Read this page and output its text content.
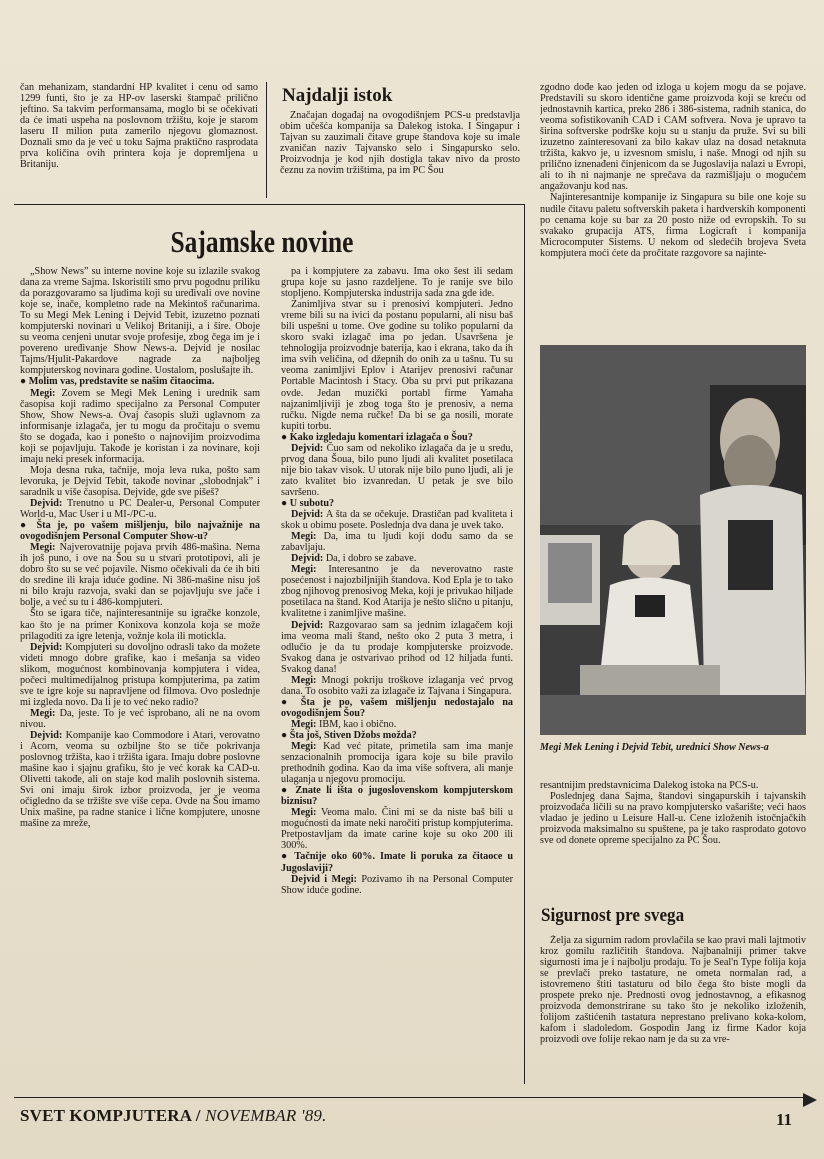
čan mehanizam, standardni HP kvalitet i cenu od samo 1299 funti, što je za HP-ov laserski štampač prilično jeftino. Sa takvim performansama, moglo bi se očekivati da će imati uspeha na poslovnom tržištu, koje je starom laseru II milion puta zamerilo njegovu glomaznost. Doznali smo da je već u toku Sajma praktično rasprodata prva količina ovih printera koja je dopremljena u Britaniju.

Najdalji istok

Značajan događaj na ovogodišnjem PCS-u predstavlja obim učešća kompanija sa Dalekog istoka. I Singapur i Tajvan su zauzimali čitave grupe štandova koje su imale zvaničan naziv Tajvansko selo i Singapursko selo. Proizvodnja je kod njih dostigla takav nivo da prosto čeznu za novim tržištima, pa im PC Šou

zgodno dođe kao jeden od izloga u kojem mogu da se pojave. Predstavili su skoro identične game proizvoda koji se kreću od jednostavnih kartica, preko 286 i 386-sistema, radnih stanica, do veoma sofistikovanih CAD i CAM softvera. Nova je upravo ta širina softverske podrške koju su u stanju da pruže. Svi su bili izuzetno zainteresovani za bilo kakav ulaz na dosad netaknuta tržišta, kakvo je, u izvesnom smislu, i naše. Mnogi od njih su prilično iznenađeni činjenicom da se Jugoslavija nalazi u Evropi, ali to ih ni najmanje ne sprečava da razmišljaju o mogućem angažovanju kod nas.

Najinteresantnije kompanije iz Singapura su bile one koje su nudile čitavu paletu softverskih paketa i hardverskih komponenti po cenama koje su bar za 20 posto niže od evropskih. To su svakako grupacija ATS, firma Logicraft i kompanija Microcomputer Sistems. U nekom od sledećih brojeva Sveta kompjutera moći ćete da pročitate razgovore sa najinte-

Sajamske novine

„Show News” su interne novine koje su izlazile svakog dana za vreme Sajma. Iskoristili smo prvu pogodnu priliku da porazgovaramo sa ljudima koji su uređivali ove novine koje se, inače, kompletno rade na Mekintoš računarima. To su Megi Mek Lening i Dejvid Tebit, izuzetno poznati kompjuterski novinari u Velikoj Britaniji, a i šire. Oboje su veoma cenjeni unutar svoje profesije, zbog čega im je i povereno uređivanje Show News-a. Dejvid je nosilac Tajms/Hjulit-Pakardove nagrade za najboljeg kompjuterskog novinara godine. Uostalom, poslušajte ih.

● Molim vas, predstavite se našim čitaocima.

Megi: Zovem se Megi Mek Lening i urednik sam časopisa koji radimo specijalno za Personal Computer Show, Show News-a. Ovaj časopis služi uglavnom za informisanje izlagača, jer tu mogu da pročitaju o svemu što se događa, kao i ponešto o najnovijim proizvodima koji se pojavljuju. Takođe je koristan i za novinare, koji imaju neki presek informacija.

Moja desna ruka, tačnije, moja leva ruka, pošto sam levoruka, je Dejvid Tebit, takođe novinar „slobodnjak” i saradnik u više časopisa. Dejvide, gde sve pišeš?

Dejvid: Trenutno u PC Dealer-u, Personal Computer World-u, Mac User i u MI-/PC-u.

● Šta je, po vašem mišljenju, bilo najvažnije na ovogodišnjem Personal Computer Show-u?

Megi: Najverovatnije pojava prvih 486-mašina. Nema ih još puno, i ove na Šou su u stvari prototipovi, ali je dobro što su se već pojavile. Nismo očekivali da će ih biti do sredine ili kraja iduće godine. Ni 386-mašine nisu još ni bilo kraju razvoja, svaki dan se pojavljuju sve jače i bolje, a već su tu i 486-kompjuteri.

Što se igara tiče, najinteresantnije su igračke konzole, kao što je na primer Konixova konzola koja se može prilagoditi za igre letenja, vožnje kola ili motickla.

Dejvid: Kompjuteri su dovoljno odrasli tako da možete videti mnogo dobre grafike, kao i mešanja sa video slikom, mogućnost kombinovanja kompjutera i videa, počeci multimedijalnog pristupa kompjuterima, pa zatim sve te igre koje su napravljene od filmova. Ovo poslednje mi izgleda novo. Da li je to već neko radio?

Megi: Da, jeste. To je već isprobano, ali ne na ovom nivou.

Dejvid: Kompanije kao Commodore i Atari, verovatno i Acorn, veoma su ozbiljne što se tiče pokrivanja poslovnog tržišta, kao i tržišta igara. Imaju dobre poslovne mašine kao i sjajnu grafiku, što je već korak ka CAD-u. Olivetti takođe, ali on staje kod malih poslovnih sistema. Svi oni imaju širok izbor proizvoda, jer je veoma očigledno da se tržište sve više cepa. Ovde na Šou imamo Unix mašine, pa radne stanice i lične kompjutere, unosne mašine za mreže,

pa i kompjutere za zabavu. Ima oko šest ili sedam grupa koje su jasno razdeljene. To je ranije sve bilo stopljeno. Kompjuterska industrija sada zna gde ide.

Zanimljiva stvar su i prenosivi kompjuteri. Jedno vreme bili su na ivici da postanu popularni, ali nisu baš bili uspešni u tome. Ove godine su toliko popularni da skoro svaki izlagač ima po jedan. Usavršena je tehnologija proizvodnje baterija, kao i ekrana, tako da ih ima svih veličina, od džepnih do onih za u tašnu. Tu su veoma zanimljivi Eplov i Atarijev prenosivi računar Portable Macintosh i Stacy. Oba su prvi put prikazana ovde. Jedan muzički portabl firme Yamaha najzanimljiviji je zbog toga što je prenosiv, a nema ručku. Nigde nema ručke! Da bi se ga nosili, morate kupiti torbu.

● Kako izgledaju komentari izlagača o Šou?

Dejvid: Čuo sam od nekoliko izlagača da je u sredu, prvog dana Šoua, bilo puno ljudi ali kvalitet posetilaca nije bio takav visok. U utorak nije bilo puno ljudi, ali je zato kvalitet bio izvanredan. U petak je sve bilo savršeno.

● U subotu?

Dejvid: A šta da se očekuje. Drastičan pad kvaliteta i skok u obimu posete. Poslednja dva dana je uvek tako.

Megi: Da, ima tu ljudi koji dođu samo da se zabavljaju.

Dejvid: Da, i dobro se zabave.

Megi: Interesantno je da neverovatno raste posećenost i najozbiljnijih štandova. Kod Epla je to tako zbog njihovog prenosivog Meka, koji je privukao hiljade posetilaca na štand. Kod Atarija je nešto slično u pitanju, kvalitetne i zanimljive mašine.

Dejvid: Razgovarao sam sa jednim izlagačem koji ima veoma mali štand, nešto oko 2 puta 3 metra, i odlučio je da tu prodaje kompjuterske proizvode. Svakog dana je ostvarivao prihod od 12 hiljada funti. Svakog dana!

Megi: Mnogi pokriju troškove izlaganja već prvog dana. To osobito važi za izlagače iz Tajvana i Singapura.

● Šta je po, vašem mišljenju nedostajalo na ovogodišnjem Šou?

Megi: IBM, kao i obično.

● Šta još, Stiven Džobs možda?

Megi: Kad već pitate, primetila sam ima manje senzacionalnih promocija igara koje su bile pravilo prethodnih godina. Kao da ima više softvera, ali manje ulaganja u njegovu promociju.

● Znate li išta o jugoslovenskom kompjuterskom biznisu?

Megi: Veoma malo. Čini mi se da niste baš bili u mogućnosti da imate neki naročiti pristup kompjuterima. Pretpostavljam da imate carine koje su oko 200 ili 300%.

● Tačnije oko 60%. Imate li poruka za čitaoce u Jugoslaviji?

Dejvid i Megi: Pozivamo ih na Personal Computer Show iduće godine.

Megi Mek Lening i Dejvid Tebit, urednici Show News-a

resantnijim predstavnicima Dalekog istoka na PCS-u.

Poslednjeg dana Sajma, štandovi singapurskih i tajvanskih proizvođača ličili su na pravo kompjutersko vašarište; veći haos vladao je jedino u Leisure Hall-u. Cene izloženih istočnjačkih proizvoda maksimalno su spuštene, pa je tako rasprodato gotovo sve od donete opreme specijalno za PC Šou.

Sigurnost pre svega

Želja za sigurnim radom provlačila se kao pravi mali lajtmotiv kroz gomilu različitih štandova. Najbanalniji primer takve sigurnosti ima je i najbolju prodaju. To je Seal'n Type folija koja se prevlači preko tastature, ne ometa normalan rad, a istovremeno štiti tastaturu od bilo čega što biste mogli da prospete preko nje. Prednosti ovog jednostavnog, a efikasnog proizvoda demonstrirane su tako što je nekoliko izloženih, folijom zaštićenih tastatura neprestano prelivano koka-kolom, kafom i sladoledom. Gospodin Jang iz firme Kador koja proizvodi ove folije rekao nam je da su za vre-

SVET KOMPJUTERA / NOVEMBAR '89.	11
